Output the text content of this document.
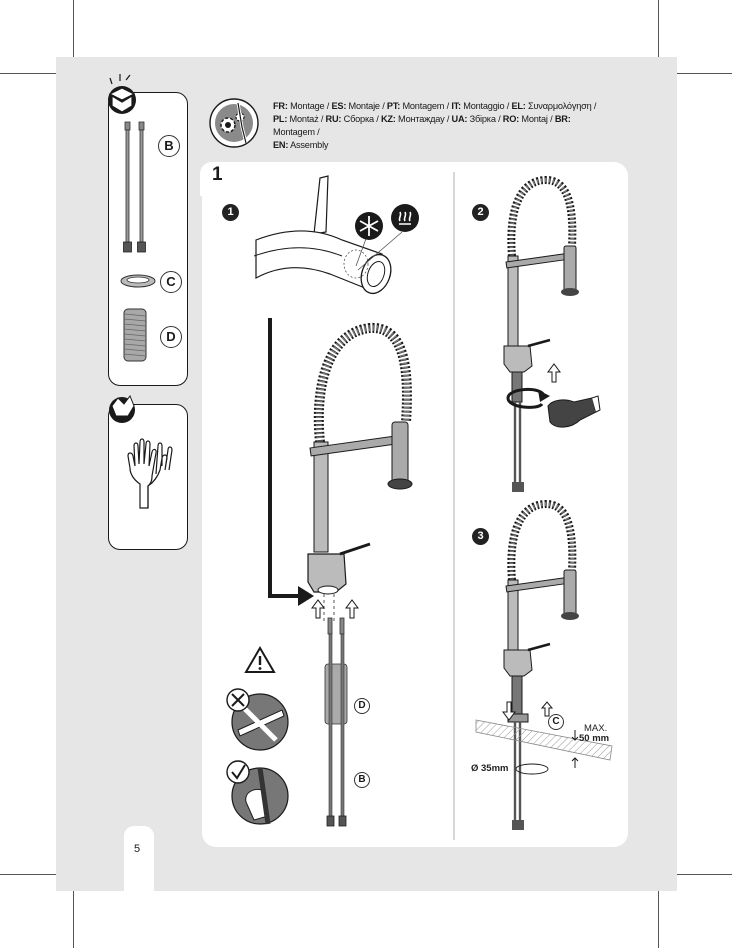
5
B
C
D
FR: Montage / ES: Montaje / PT: Montagem / IT: Montaggio / EL: Συναρμολόγηση /
PL: Montaż / RU: Сборка / KZ: Монтаждау / UA: Збірка / RO: Montaj / BR: Montagem /
EN: Assembly
1
1	2
3
D
B
C
MAX.
50 mm
Ø 35mm
